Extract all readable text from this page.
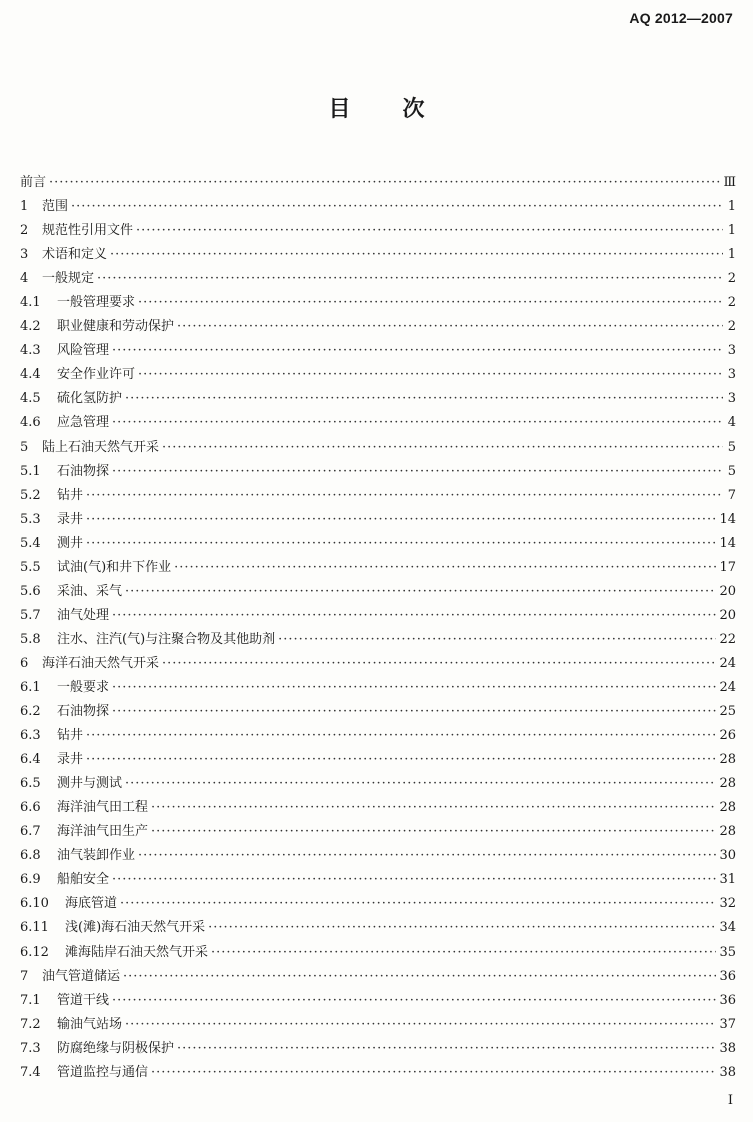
AQ 2012—2007
目 次
前言 ·····	Ⅲ
1	范围 ·····	1
2	规范性引用文件 ·····	1
3	术语和定义 ·····	1
4	一般规定 ·····	2
4.1	一般管理要求 ·····	2
4.2	职业健康和劳动保护 ·····	2
4.3	风险管理 ·····	3
4.4	安全作业许可 ·····	3
4.5	硫化氢防护 ·····	3
4.6	应急管理 ·····	4
5	陆上石油天然气开采 ·····	5
5.1	石油物探 ·····	5
5.2	钻井 ·····	7
5.3	录井 ·····	14
5.4	测井 ·····	14
5.5	试油(气)和井下作业 ·····	17
5.6	采油、采气 ·····	20
5.7	油气处理 ·····	20
5.8	注水、注汽(气)与注聚合物及其他助剂 ·····	22
6	海洋石油天然气开采 ·····	24
6.1	一般要求 ·····	24
6.2	石油物探 ·····	25
6.3	钻井 ·····	26
6.4	录井 ·····	28
6.5	测井与测试 ·····	28
6.6	海洋油气田工程 ·····	28
6.7	海洋油气田生产 ·····	28
6.8	油气装卸作业 ·····	30
6.9	船舶安全 ·····	31
6.10	海底管道 ·····	32
6.11	浅(滩)海石油天然气开采 ·····	34
6.12	滩海陆岸石油天然气开采 ·····	35
7	油气管道储运 ·····	36
7.1	管道干线 ·····	36
7.2	输油气站场 ·····	37
7.3	防腐绝缘与阴极保护 ·····	38
7.4	管道监控与通信 ·····	38
I
